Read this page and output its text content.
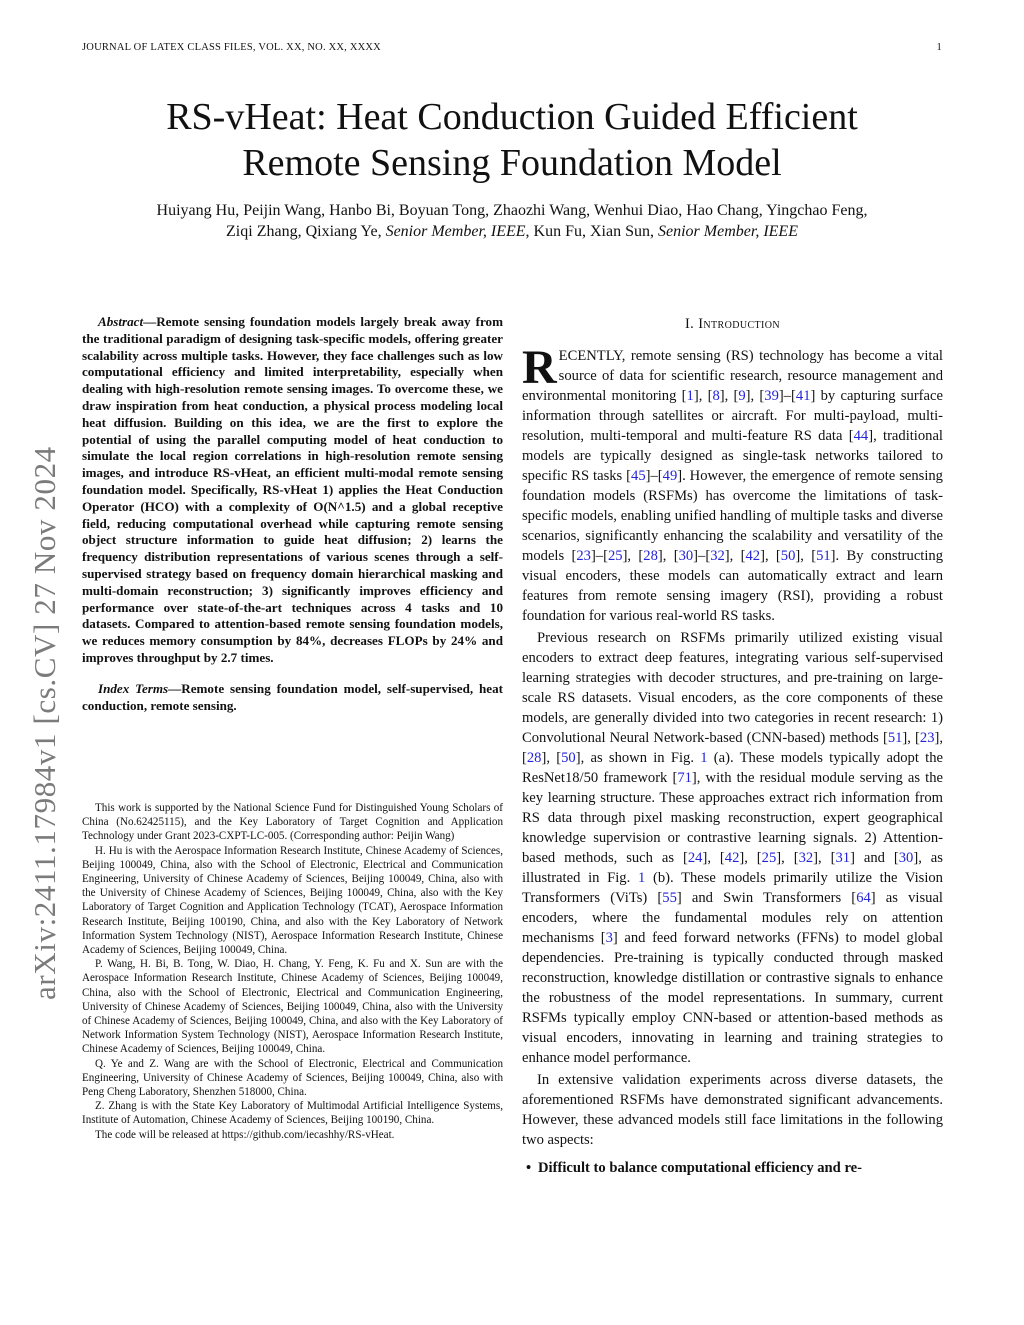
JOURNAL OF LATEX CLASS FILES, VOL. XX, NO. XX, XXXX	1
arXiv:2411.17984v1 [cs.CV] 27 Nov 2024
RS-vHeat: Heat Conduction Guided Efficient
Remote Sensing Foundation Model
Huiyang Hu, Peijin Wang, Hanbo Bi, Boyuan Tong, Zhaozhi Wang, Wenhui Diao, Hao Chang, Yingchao Feng,
Ziqi Zhang, Qixiang Ye, Senior Member, IEEE, Kun Fu, Xian Sun, Senior Member, IEEE

Abstract—Remote sensing foundation models largely break away from the traditional paradigm of designing task-specific models, offering greater scalability across multiple tasks. However, they face challenges such as low computational efficiency and limited interpretability, especially when dealing with high-resolution remote sensing images. To overcome these, we draw inspiration from heat conduction, a physical process modeling local heat diffusion. Building on this idea, we are the first to explore the potential of using the parallel computing model of heat conduction to simulate the local region correlations in high-resolution remote sensing images, and introduce RS-vHeat, an efficient multi-modal remote sensing foundation model. Specifically, RS-vHeat 1) applies the Heat Conduction Operator (HCO) with a complexity of O(N^1.5) and a global receptive field, reducing computational overhead while capturing remote sensing object structure information to guide heat diffusion; 2) learns the frequency distribution representations of various scenes through a self-supervised strategy based on frequency domain hierarchical masking and multi-domain reconstruction; 3) significantly improves efficiency and performance over state-of-the-art techniques across 4 tasks and 10 datasets. Compared to attention-based remote sensing foundation models, we reduces memory consumption by 84%, decreases FLOPs by 24% and improves throughput by 2.7 times.

Index Terms—Remote sensing foundation model, self-supervised, heat conduction, remote sensing.

This work is supported by the National Science Fund for Distinguished Young Scholars of China (No.62425115), and the Key Laboratory of Target Cognition and Application Technology under Grant 2023-CXPT-LC-005. (Corresponding author: Peijin Wang)

H. Hu is with the Aerospace Information Research Institute, Chinese Academy of Sciences, Beijing 100049, China, also with the School of Electronic, Electrical and Communication Engineering, University of Chinese Academy of Sciences, Beijing 100049, China, also with the University of Chinese Academy of Sciences, Beijing 100049, China, also with the Key Laboratory of Target Cognition and Application Technology (TCAT), Aerospace Information Research Institute, Beijing 100190, China, and also with the Key Laboratory of Network Information System Technology (NIST), Aerospace Information Research Institute, Chinese Academy of Sciences, Beijing 100049, China.

P. Wang, H. Bi, B. Tong, W. Diao, H. Chang, Y. Feng, K. Fu and X. Sun are with the Aerospace Information Research Institute, Chinese Academy of Sciences, Beijing 100049, China, also with the School of Electronic, Electrical and Communication Engineering, University of Chinese Academy of Sciences, Beijing 100049, China, also with the University of Chinese Academy of Sciences, Beijing 100049, China, and also with the Key Laboratory of Network Information System Technology (NIST), Aerospace Information Research Institute, Chinese Academy of Sciences, Beijing 100049, China.

Q. Ye and Z. Wang are with the School of Electronic, Electrical and Communication Engineering, University of Chinese Academy of Sciences, Beijing 100049, China, also with Peng Cheng Laboratory, Shenzhen 518000, China.

Z. Zhang is with the State Key Laboratory of Multimodal Artificial Intelligence Systems, Institute of Automation, Chinese Academy of Sciences, Beijing 100190, China.

The code will be released at https://github.com/iecashhy/RS-vHeat.

I. Introduction

RECENTLY, remote sensing (RS) technology has become a vital source of data for scientific research, resource management and environmental monitoring [1], [8], [9], [39]–[41] by capturing surface information through satellites or aircraft. For multi-payload, multi-resolution, multi-temporal and multi-feature RS data [44], traditional models are typically designed as single-task networks tailored to specific RS tasks [45]–[49]. However, the emergence of remote sensing foundation models (RSFMs) has overcome the limitations of task-specific models, enabling unified handling of multiple tasks and diverse scenarios, significantly enhancing the scalability and versatility of the models [23]–[25], [28], [30]–[32], [42], [50], [51]. By constructing visual encoders, these models can automatically extract and learn features from remote sensing imagery (RSI), providing a robust foundation for various real-world RS tasks.

Previous research on RSFMs primarily utilized existing visual encoders to extract deep features, integrating various self-supervised learning strategies with decoder structures, and pre-training on large-scale RS datasets. Visual encoders, as the core components of these models, are generally divided into two categories in recent research: 1) Convolutional Neural Network-based (CNN-based) methods [51], [23], [28], [50], as shown in Fig. 1 (a). These models typically adopt the ResNet18/50 framework [71], with the residual module serving as the key learning structure. These approaches extract rich information from RS data through pixel masking reconstruction, expert geographical knowledge supervision or contrastive learning signals. 2) Attention-based methods, such as [24], [42], [25], [32], [31] and [30], as illustrated in Fig. 1 (b). These models primarily utilize the Vision Transformers (ViTs) [55] and Swin Transformers [64] as visual encoders, where the fundamental modules rely on attention mechanisms [3] and feed forward networks (FFNs) to model global dependencies. Pre-training is typically conducted through masked reconstruction, knowledge distillation or contrastive signals to enhance the robustness of the model representations. In summary, current RSFMs typically employ CNN-based or attention-based methods as visual encoders, innovating in learning and training strategies to enhance model performance.

In extensive validation experiments across diverse datasets, the aforementioned RSFMs have demonstrated significant advancements. However, these advanced models still face limitations in the following two aspects:

• Difficult to balance computational efficiency and re-
